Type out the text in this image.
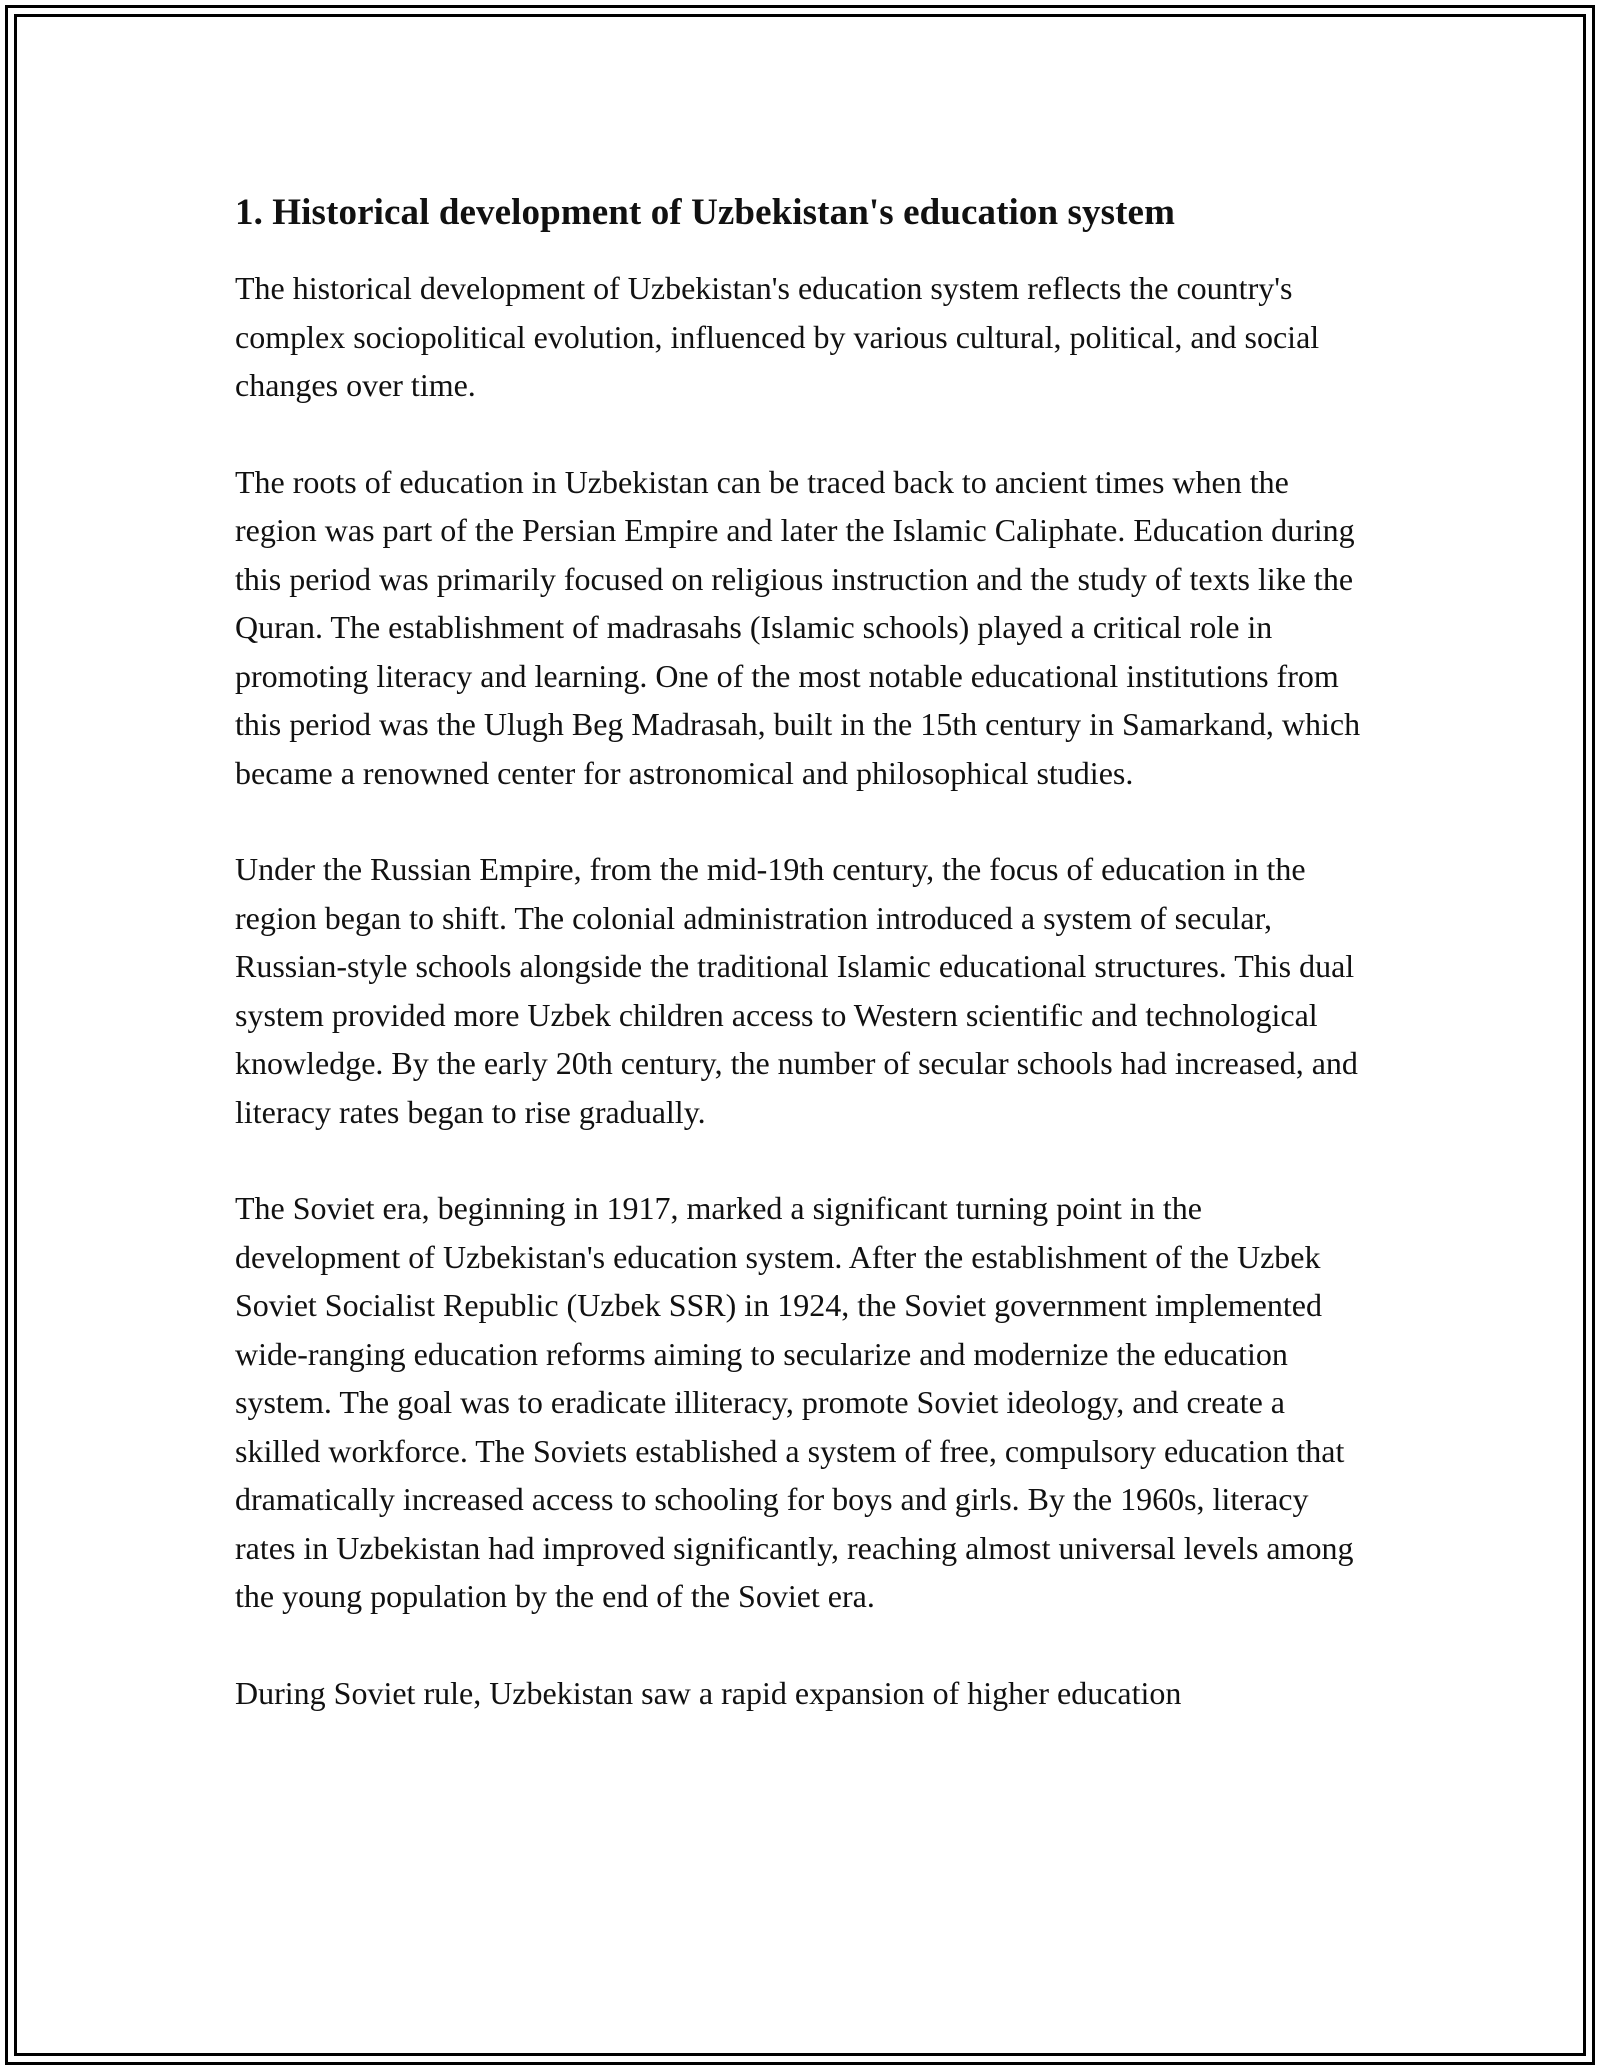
1. Historical development of Uzbekistan's education system

The historical development of Uzbekistan's education system reflects the country's complex sociopolitical evolution, influenced by various cultural, political, and social changes over time.

The roots of education in Uzbekistan can be traced back to ancient times when the region was part of the Persian Empire and later the Islamic Caliphate. Education during this period was primarily focused on religious instruction and the study of texts like the Quran. The establishment of madrasahs (Islamic schools) played a critical role in promoting literacy and learning. One of the most notable educational institutions from this period was the Ulugh Beg Madrasah, built in the 15th century in Samarkand, which became a renowned center for astronomical and philosophical studies.

Under the Russian Empire, from the mid-19th century, the focus of education in the region began to shift. The colonial administration introduced a system of secular, Russian-style schools alongside the traditional Islamic educational structures. This dual system provided more Uzbek children access to Western scientific and technological knowledge. By the early 20th century, the number of secular schools had increased, and literacy rates began to rise gradually.

The Soviet era, beginning in 1917, marked a significant turning point in the development of Uzbekistan's education system. After the establishment of the Uzbek Soviet Socialist Republic (Uzbek SSR) in 1924, the Soviet government implemented wide-ranging education reforms aiming to secularize and modernize the education system. The goal was to eradicate illiteracy, promote Soviet ideology, and create a skilled workforce. The Soviets established a system of free, compulsory education that dramatically increased access to schooling for boys and girls. By the 1960s, literacy rates in Uzbekistan had improved significantly, reaching almost universal levels among the young population by the end of the Soviet era.

During Soviet rule, Uzbekistan saw a rapid expansion of higher education
